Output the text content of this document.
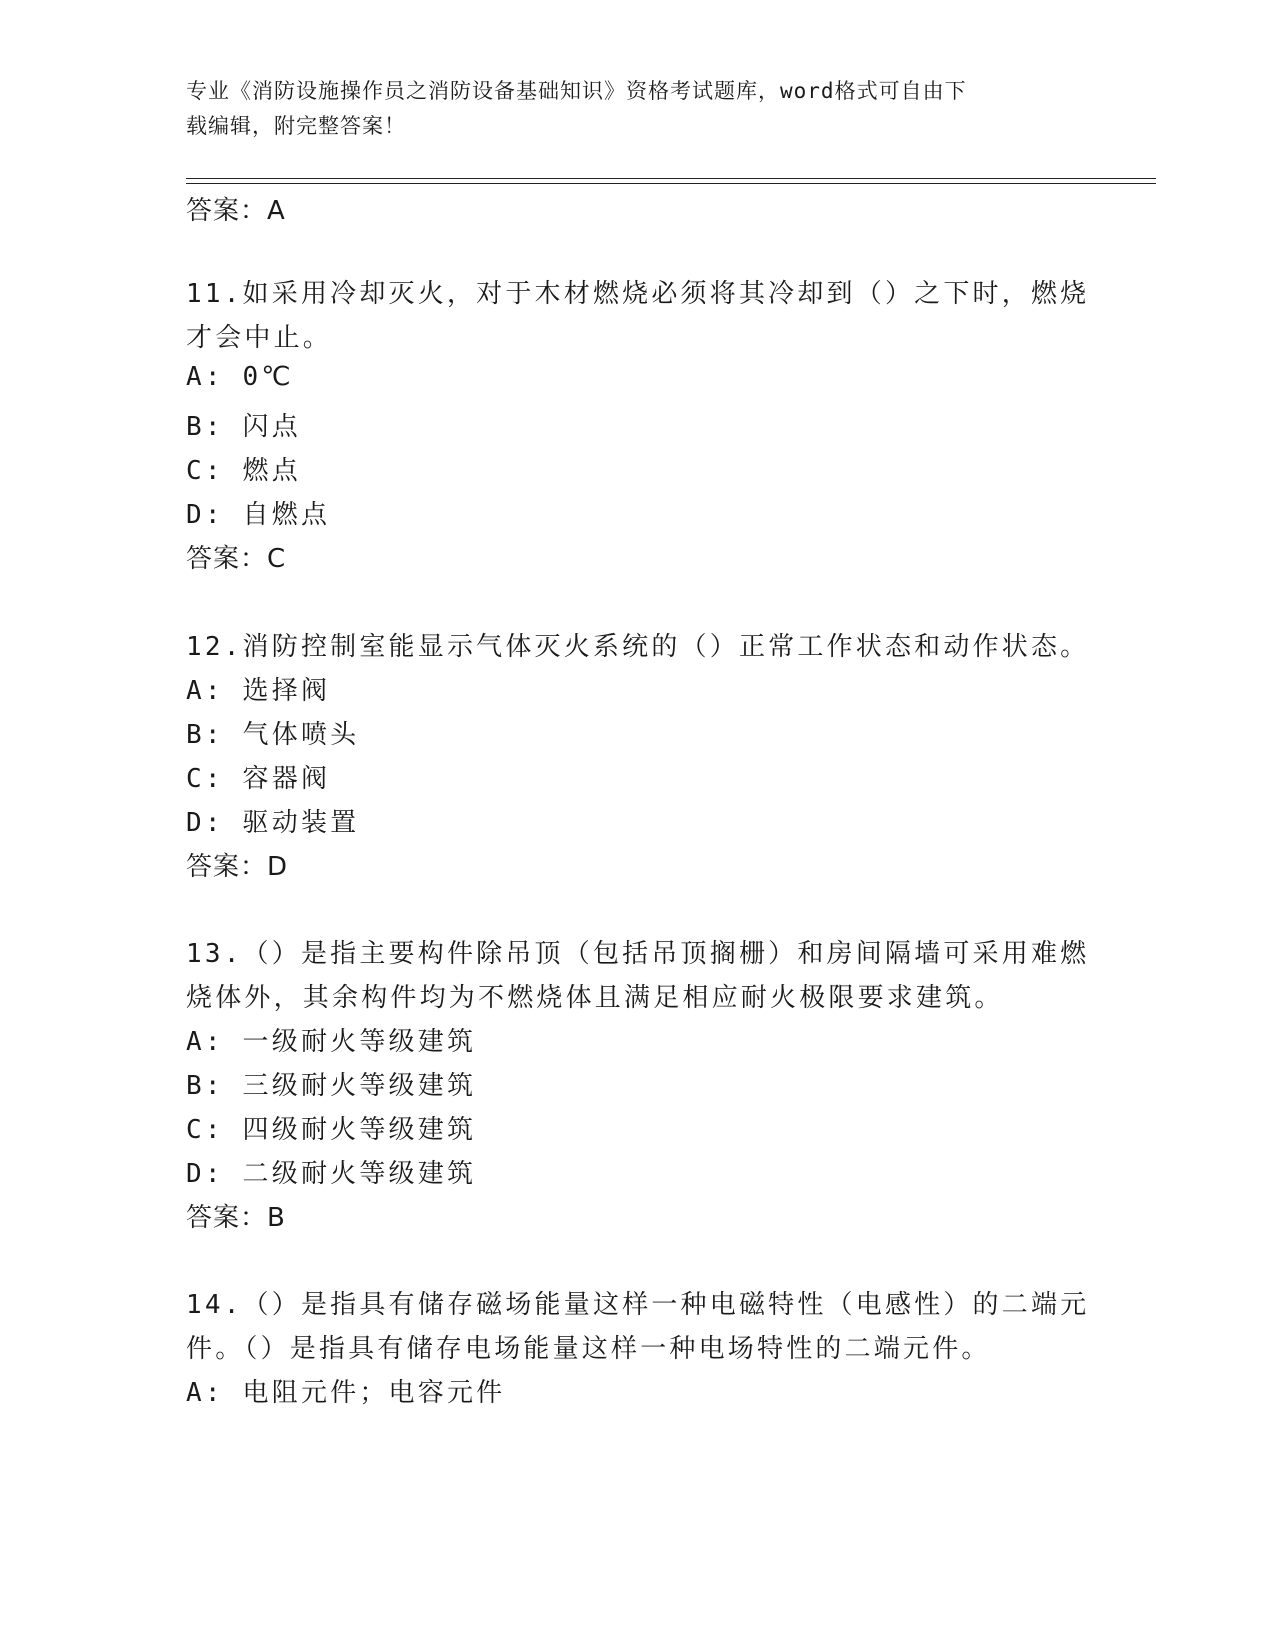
专业《消防设施操作员之消防设备基础知识》资格考试题库，word格式可自由下
载编辑，附完整答案！
答案：A
11.如采用冷却灭火，对于木材燃烧必须将其冷却到（）之下时，燃烧
才会中止。
A: 0℃
B: 闪点
C: 燃点
D: 自燃点
答案：C
12.消防控制室能显示气体灭火系统的（）正常工作状态和动作状态。
A: 选择阀
B: 气体喷头
C: 容器阀
D: 驱动装置
答案：D
13.（）是指主要构件除吊顶（包括吊顶搁栅）和房间隔墙可采用难燃
烧体外，其余构件均为不燃烧体且满足相应耐火极限要求建筑。
A: 一级耐火等级建筑
B: 三级耐火等级建筑
C: 四级耐火等级建筑
D: 二级耐火等级建筑
答案：B
14.（）是指具有储存磁场能量这样一种电磁特性（电感性）的二端元
件。（）是指具有储存电场能量这样一种电场特性的二端元件。
A: 电阻元件；电容元件
